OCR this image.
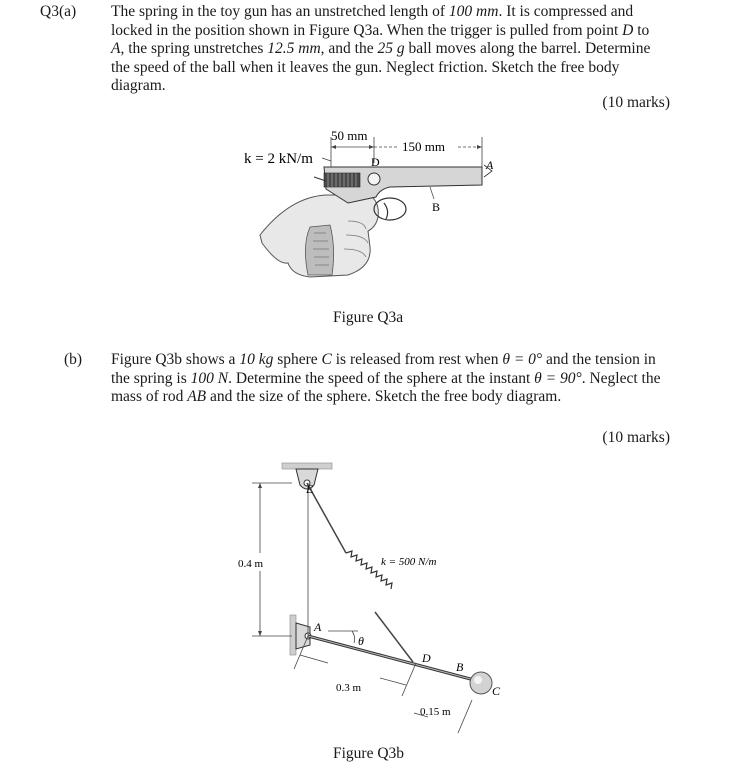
Q3(a) The spring in the toy gun has an unstretched length of 100 mm. It is compressed and
locked in the position shown in Figure Q3a. When the trigger is pulled from point D to
A, the spring unstretches 12.5 mm, and the 25 g ball moves along the barrel. Determine
the speed of the ball when it leaves the gun. Neglect friction. Sketch the free body
diagram.
(10 marks)
k = 2 kN/m
50 mm
150 mm
D
B
A
Figure Q3a
(b) Figure Q3b shows a 10 kg sphere C is released from rest when θ = 0° and the tension in
the spring is 100 N. Determine the speed of the sphere at the instant θ = 90°. Neglect the
mass of rod AB and the size of the sphere. Sketch the free body diagram.
(10 marks)
E
A
D
B
C
θ
0.4 m
0.3 m
0.15 m
k = 500 N/m
Figure Q3b
